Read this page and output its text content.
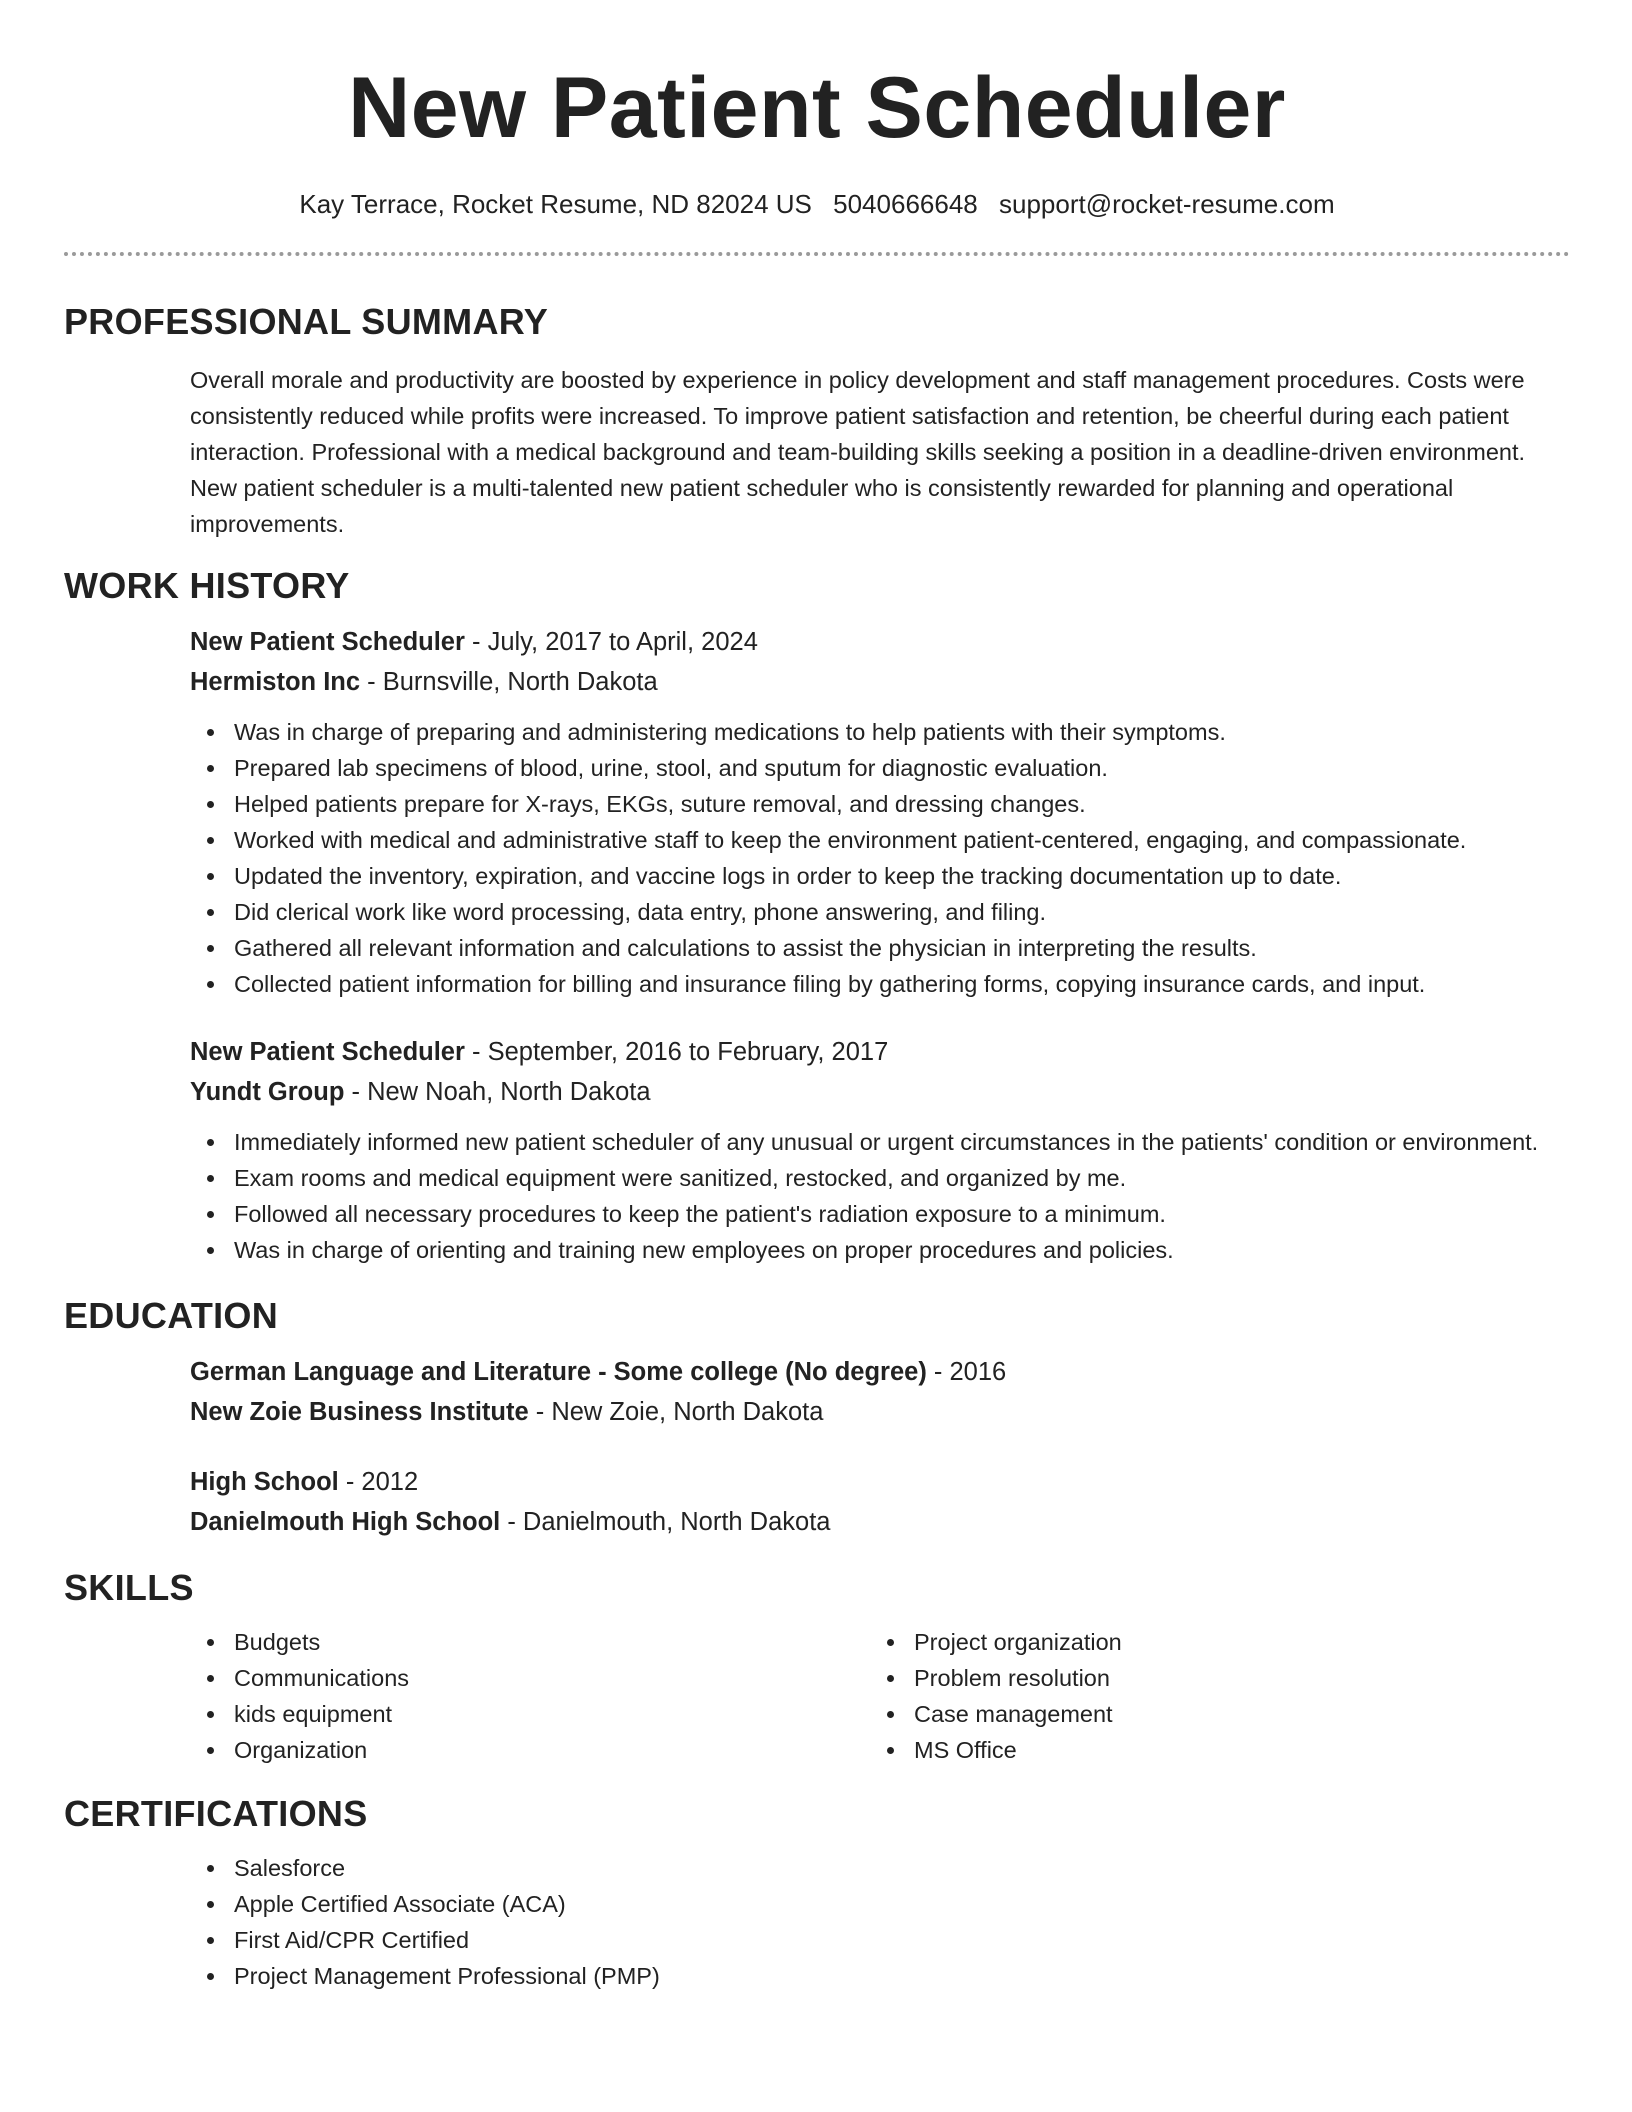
New Patient Scheduler
Kay Terrace, Rocket Resume, ND 82024 US 5040666648 support@rocket-resume.com
PROFESSIONAL SUMMARY

Overall morale and productivity are boosted by experience in policy development and staff management procedures. Costs were consistently reduced while profits were increased. To improve patient satisfaction and retention, be cheerful during each patient interaction. Professional with a medical background and team-building skills seeking a position in a deadline-driven environment. New patient scheduler is a multi-talented new patient scheduler who is consistently rewarded for planning and operational improvements.

WORK HISTORY
New Patient Scheduler - July, 2017 to April, 2024
Hermiston Inc - Burnsville, North Dakota
Was in charge of preparing and administering medications to help patients with their symptoms.
Prepared lab specimens of blood, urine, stool, and sputum for diagnostic evaluation.
Helped patients prepare for X-rays, EKGs, suture removal, and dressing changes.
Worked with medical and administrative staff to keep the environment patient-centered, engaging, and compassionate.
Updated the inventory, expiration, and vaccine logs in order to keep the tracking documentation up to date.
Did clerical work like word processing, data entry, phone answering, and filing.
Gathered all relevant information and calculations to assist the physician in interpreting the results.
Collected patient information for billing and insurance filing by gathering forms, copying insurance cards, and input.
New Patient Scheduler - September, 2016 to February, 2017
Yundt Group - New Noah, North Dakota
Immediately informed new patient scheduler of any unusual or urgent circumstances in the patients' condition or environment.
Exam rooms and medical equipment were sanitized, restocked, and organized by me.
Followed all necessary procedures to keep the patient's radiation exposure to a minimum.
Was in charge of orienting and training new employees on proper procedures and policies.
EDUCATION
German Language and Literature - Some college (No degree) - 2016
New Zoie Business Institute - New Zoie, North Dakota
High School - 2012
Danielmouth High School - Danielmouth, North Dakota
SKILLS
Budgets
Communications
kids equipment
Organization
Project organization
Problem resolution
Case management
MS Office
CERTIFICATIONS
Salesforce
Apple Certified Associate (ACA)
First Aid/CPR Certified
Project Management Professional (PMP)
